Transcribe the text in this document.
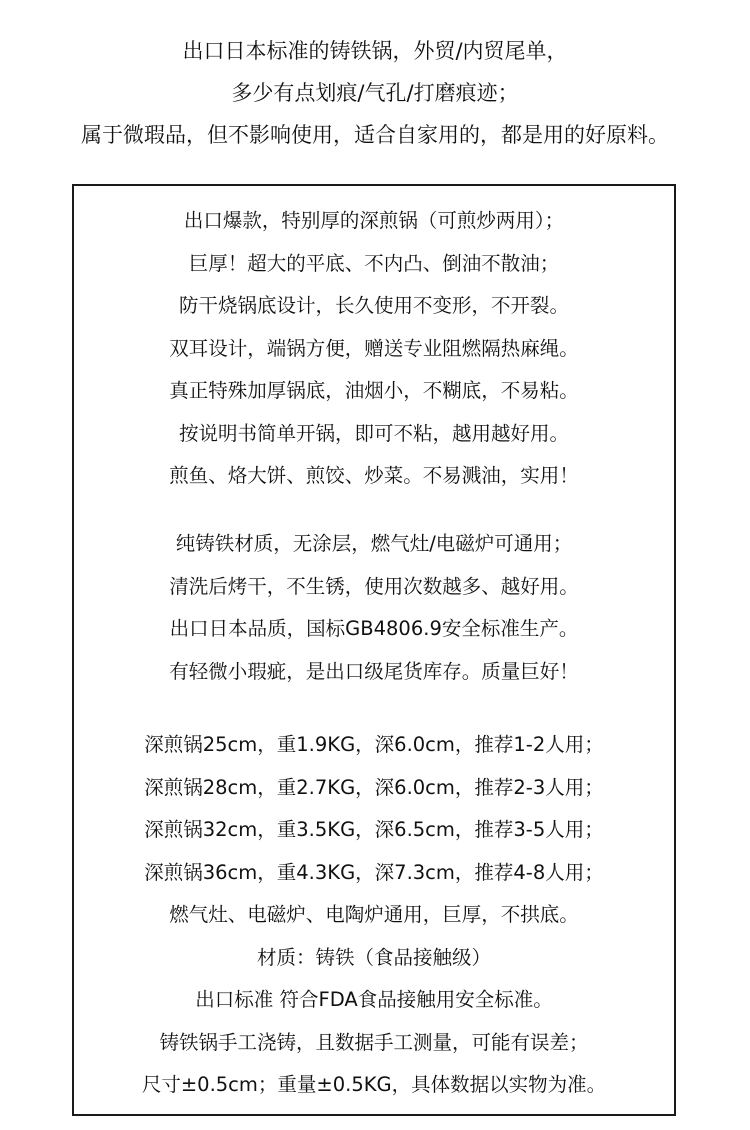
出口日本标准的铸铁锅，外贸/内贸尾单，
多少有点划痕/气孔/打磨痕迹；
属于微瑕品，但不影响使用，适合自家用的，都是用的好原料。
出口爆款，特别厚的深煎锅（可煎炒两用）；
巨厚！超大的平底、不内凸、倒油不散油；
防干烧锅底设计，长久使用不变形，不开裂。
双耳设计，端锅方便，赠送专业阻燃隔热麻绳。
真正特殊加厚锅底，油烟小，不糊底，不易粘。
按说明书简单开锅，即可不粘，越用越好用。
煎鱼、烙大饼、煎饺、炒菜。不易溅油，实用！
纯铸铁材质，无涂层，燃气灶/电磁炉可通用；
清洗后烤干，不生锈，使用次数越多、越好用。
出口日本品质，国标GB4806.9安全标准生产。
有轻微小瑕疵，是出口级尾货库存。质量巨好！
深煎锅25cm，重1.9KG，深6.0cm，推荐1-2人用；
深煎锅28cm，重2.7KG，深6.0cm，推荐2-3人用；
深煎锅32cm，重3.5KG，深6.5cm，推荐3-5人用；
深煎锅36cm，重4.3KG，深7.3cm，推荐4-8人用；
燃气灶、电磁炉、电陶炉通用，巨厚，不拱底。
材质：铸铁（食品接触级）
出口标准 符合FDA食品接触用安全标准。
铸铁锅手工浇铸，且数据手工测量，可能有误差；
尺寸±0.5cm；重量±0.5KG，具体数据以实物为准。
